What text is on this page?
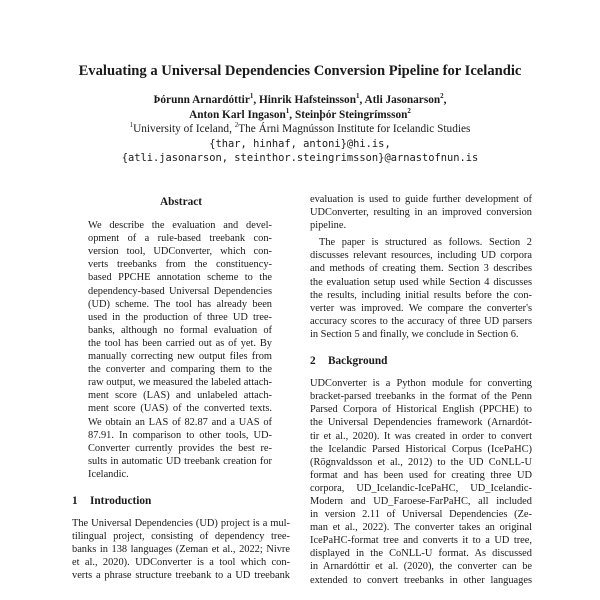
Evaluating a Universal Dependencies Conversion Pipeline for Icelandic
Þórunn Arnardóttir$^1$, Hinrik Hafsteinsson$^1$, Atli Jasonarson$^2$,
Anton Karl Ingason$^1$, Steinþór Steingrímsson$^2$
$^1$University of Iceland, $^2$The Árni Magnússon Institute for Icelandic Studies
{thar, hinhaf, antoni}@hi.is,
{atli.jasonarson, steinthor.steingrimsson}@arnastofnun.is
Abstract
We describe the evaluation and devel-
opment of a rule-based treebank con-
version tool, UDConverter, which con-
verts treebanks from the constituency-
based PPCHE annotation scheme to the
dependency-based Universal Dependencies
(UD) scheme. The tool has already been
used in the production of three UD tree-
banks, although no formal evaluation of
the tool has been carried out as of yet. By
manually correcting new output files from
the converter and comparing them to the
raw output, we measured the labeled attach-
ment score (LAS) and unlabeled attach-
ment score (UAS) of the converted texts.
We obtain an LAS of 82.87 and a UAS of
87.91. In comparison to other tools, UD-
Converter currently provides the best re-
sults in automatic UD treebank creation for
Icelandic.
1 Introduction
The Universal Dependencies (UD) project is a mul-
tilingual project, consisting of dependency tree-
banks in 138 languages (Zeman et al., 2022; Nivre
et al., 2020). UDConverter is a tool which con-
verts a phrase structure treebank to a UD treebank
evaluation is used to guide further development of
UDConverter, resulting in an improved conversion
pipeline.
The paper is structured as follows. Section 2
discusses relevant resources, including UD corpora
and methods of creating them. Section 3 describes
the evaluation setup used while Section 4 discusses
the results, including initial results before the con-
verter was improved. We compare the converter's
accuracy scores to the accuracy of three UD parsers
in Section 5 and finally, we conclude in Section 6.
2 Background
UDConverter is a Python module for converting
bracket-parsed treebanks in the format of the Penn
Parsed Corpora of Historical English (PPCHE) to
the Universal Dependencies framework (Arnardót-
tir et al., 2020). It was created in order to convert
the Icelandic Parsed Historical Corpus (IcePaHC)
(Rögnvaldsson et al., 2012) to the UD CoNLL-U
format and has been used for creating three UD
corpora, UD_Icelandic-IcePaHC, UD_Icelandic-
Modern and UD_Faroese-FarPaHC, all included
in version 2.11 of Universal Dependencies (Ze-
man et al., 2022). The converter takes an original
IcePaHC-format tree and converts it to a UD tree,
displayed in the CoNLL-U format. As discussed
in Arnardóttir et al. (2020), the converter can be
extended to convert treebanks in other languages
